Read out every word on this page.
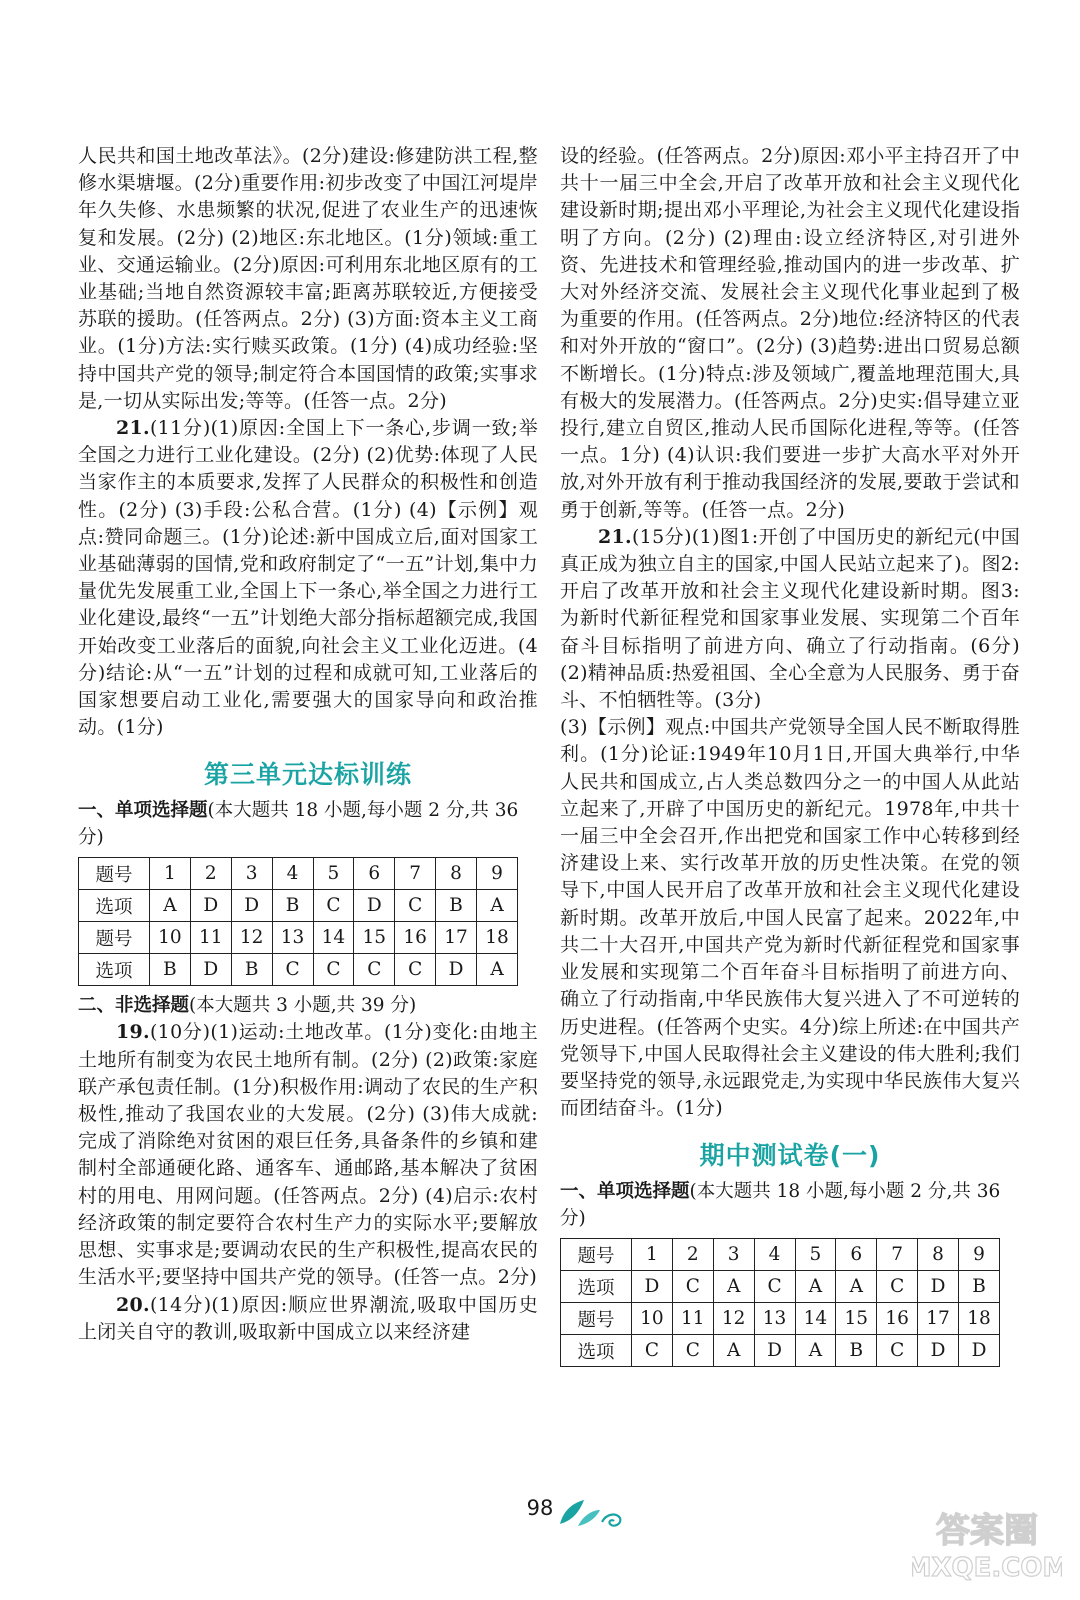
人民共和国土地改革法》。(2分)建设:修建防洪工程,整修水渠塘堰。(2分)重要作用:初步改变了中国江河堤岸年久失修、水患频繁的状况,促进了农业生产的迅速恢复和发展。(2分) (2)地区:东北地区。(1分)领域:重工业、交通运输业。(2分)原因:可利用东北地区原有的工业基础;当地自然资源较丰富;距离苏联较近,方便接受苏联的援助。(任答两点。2分) (3)方面:资本主义工商业。(1分)方法:实行赎买政策。(1分) (4)成功经验:坚持中国共产党的领导;制定符合本国国情的政策;实事求是,一切从实际出发;等等。(任答一点。2分)

21.(11分)(1)原因:全国上下一条心,步调一致;举全国之力进行工业化建设。(2分) (2)优势:体现了人民当家作主的本质要求,发挥了人民群众的积极性和创造性。(2分) (3)手段:公私合营。(1分) (4)【示例】观点:赞同命题三。(1分)论述:新中国成立后,面对国家工业基础薄弱的国情,党和政府制定了“一五”计划,集中力量优先发展重工业,全国上下一条心,举全国之力进行工业化建设,最终“一五”计划绝大部分指标超额完成,我国开始改变工业落后的面貌,向社会主义工业化迈进。(4分)结论:从“一五”计划的过程和成就可知,工业落后的国家想要启动工业化,需要强大的国家导向和政治推动。(1分)

第三单元达标训练

一、单项选择题(本大题共 18 小题,每小题 2 分,共 36 分)

题号	1	2	3	4	5	6	7	8	9
选项	A	D	D	B	C	D	C	B	A
题号	10	11	12	13	14	15	16	17	18
选项	B	D	B	C	C	C	C	D	A

二、非选择题(本大题共 3 小题,共 39 分)

19.(10分)(1)运动:土地改革。(1分)变化:由地主土地所有制变为农民土地所有制。(2分) (2)政策:家庭联产承包责任制。(1分)积极作用:调动了农民的生产积极性,推动了我国农业的大发展。(2分) (3)伟大成就:完成了消除绝对贫困的艰巨任务,具备条件的乡镇和建制村全部通硬化路、通客车、通邮路,基本解决了贫困村的用电、用网问题。(任答两点。2分) (4)启示:农村经济政策的制定要符合农村生产力的实际水平;要解放思想、实事求是;要调动农民的生产积极性,提高农民的生活水平;要坚持中国共产党的领导。(任答一点。2分)

20.(14分)(1)原因:顺应世界潮流,吸取中国历史上闭关自守的教训,吸取新中国成立以来经济建

设的经验。(任答两点。2分)原因:邓小平主持召开了中共十一届三中全会,开启了改革开放和社会主义现代化建设新时期;提出邓小平理论,为社会主义现代化建设指明了方向。(2分) (2)理由:设立经济特区,对引进外资、先进技术和管理经验,推动国内的进一步改革、扩大对外经济交流、发展社会主义现代化事业起到了极为重要的作用。(任答两点。2分)地位:经济特区的代表和对外开放的“窗口”。(2分) (3)趋势:进出口贸易总额不断增长。(1分)特点:涉及领域广,覆盖地理范围大,具有极大的发展潜力。(任答两点。2分)史实:倡导建立亚投行,建立自贸区,推动人民币国际化进程,等等。(任答一点。1分) (4)认识:我们要进一步扩大高水平对外开放,对外开放有利于推动我国经济的发展,要敢于尝试和勇于创新,等等。(任答一点。2分)

21.(15分)(1)图1:开创了中国历史的新纪元(中国真正成为独立自主的国家,中国人民站立起来了)。图2:开启了改革开放和社会主义现代化建设新时期。图3:为新时代新征程党和国家事业发展、实现第二个百年奋斗目标指明了前进方向、确立了行动指南。(6分) (2)精神品质:热爱祖国、全心全意为人民服务、勇于奋斗、不怕牺牲等。(3分)

(3)【示例】观点:中国共产党领导全国人民不断取得胜利。(1分)论证:1949年10月1日,开国大典举行,中华人民共和国成立,占人类总数四分之一的中国人从此站立起来了,开辟了中国历史的新纪元。1978年,中共十一届三中全会召开,作出把党和国家工作中心转移到经济建设上来、实行改革开放的历史性决策。在党的领导下,中国人民开启了改革开放和社会主义现代化建设新时期。改革开放后,中国人民富了起来。2022年,中共二十大召开,中国共产党为新时代新征程党和国家事业发展和实现第二个百年奋斗目标指明了前进方向、确立了行动指南,中华民族伟大复兴进入了不可逆转的历史进程。(任答两个史实。4分)综上所述:在中国共产党领导下,中国人民取得社会主义建设的伟大胜利;我们要坚持党的领导,永远跟党走,为实现中华民族伟大复兴而团结奋斗。(1分)

期中测试卷(一)

一、单项选择题(本大题共 18 小题,每小题 2 分,共 36 分)

题号	1	2	3	4	5	6	7	8	9
选项	D	C	A	C	A	A	C	D	B
题号	10	11	12	13	14	15	16	17	18
选项	C	C	A	D	A	B	C	D	D
98
答案圈
MXQE.COM
